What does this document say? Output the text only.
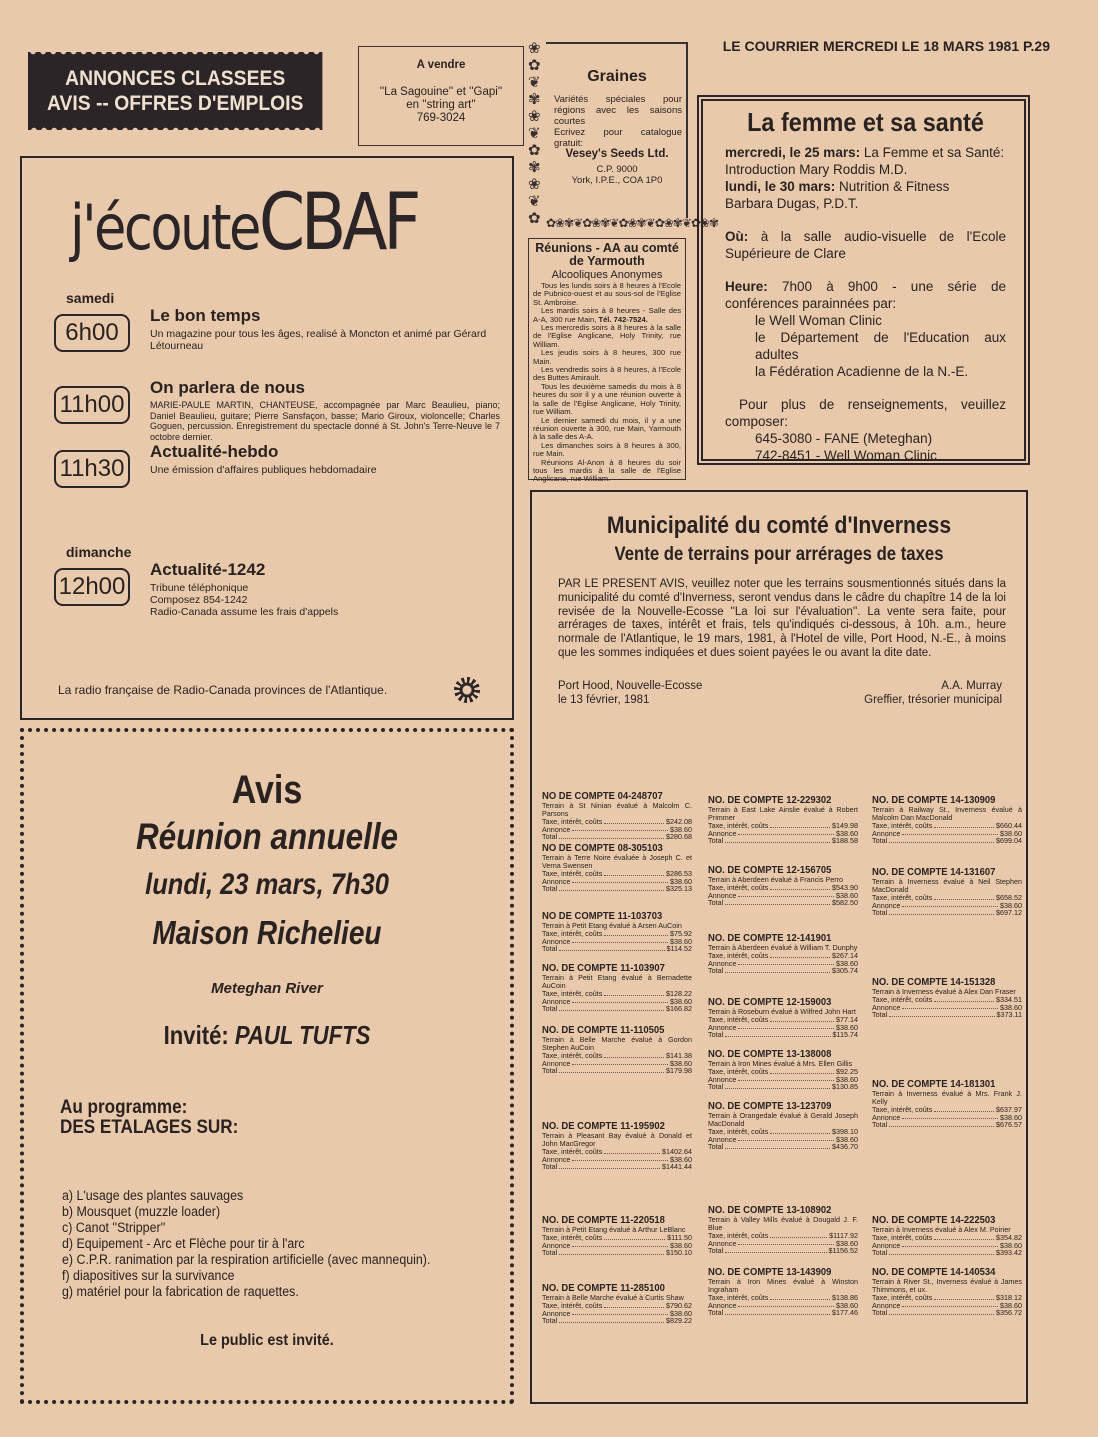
LE COURRIER MERCREDI LE 18 MARS 1981 P.29
ANNONCES CLASSEES
AVIS -- OFFRES D'EMPLOIS
A vendre
''La Sagouine'' et ''Gapi''
en ''string art''
769-3024
❀
✿
❦
✾
❀
❦
✿
✾
❀
❦
✿ ✿❀✾❦✿❀✾❦✿❀✾❦✿❀✾❦✿❀✾
Graines
Variétés spéciales pour régions avec les saisons courtes
Ecrivez pour catalogue gratuit:
Vesey's Seeds Ltd.
C.P. 9000
York, I.P.E., COA 1P0
Réunions - AA au comté de Yarmouth
Alcooliques Anonymes

Tous les lundis soirs à 8 heures à l'Ecole de Pubnico-ouest et au sous-sol de l'Eglise St. Ambroise.

Les mardis soirs à 8 heures - Salle des A-A, 300 rue Main, Tél. 742-7524.

Les mercredis soirs à 8 heures à la salle de l'Eglise Anglicane, Holy Trinity, rue William.

Les jeudis soirs à 8 heures, 300 rue Main.

Les vendredis soirs à 8 heures, à l'Ecole des Buttes Amirault.

Tous les deuxième samedis du mois à 8 heures du soir il y a une réunion ouverte à la salle de l'Eglise Anglicane, Holy Trinity, rue William.

Le dernier samedi du mois, il y a une réunion ouverte à 300, rue Main, Yarmouth à la salle des A-A.

Les dimanches soirs à 8 heures à 300, rue Main.

Réunions Al-Anon à 8 heures du soir tous les mardis à la salle de l'Eglise Anglicane, rue William.

La femme et sa santé
mercredi, le 25 mars: La Femme et sa Santé:
Introduction Mary Roddis M.D.
lundi, le 30 mars: Nutrition & Fitness
Barbara Dugas, P.D.T.
Où: à la salle audio-visuelle de l'Ecole Supérieure de Clare
Heure: 7h00 à 9h00 - une série de conférences parainnées par:
le Well Woman Clinic
le Département de l'Education aux adultes
la Fédération Acadienne de la N.-E.
Pour plus de renseignements, veuillez composer:
645-3080 - FANE (Meteghan)
742-8451 - Well Woman Clinic
j'écouteCBAF
samedi
6h00
Le bon temps
Un magazine pour tous les âges, realisé à Moncton et animé par Gérard Létourneau
11h00
On parlera de nous
MARIE-PAULE MARTIN, CHANTEUSE, accompagnée par Marc Beaulieu, piano; Daniel Beaulieu, guitare; Pierre Sansfaçon, basse; Mario Giroux, violoncelle; Charles Goguen, percussion. Enregistrement du spectacle donné à St. John's Terre-Neuve le 7 octobre dernier.
11h30
Actualité-hebdo
Une émission d'affaires publiques hebdomadaire
dimanche
12h00
Actualité-1242
Tribune téléphonique
Composez 854-1242
Radio-Canada assume les frais d'appels
La radio française de Radio-Canada provinces de l'Atlantique.
Avis
Réunion annuelle
lundi, 23 mars, 7h30
Maison Richelieu
Meteghan River
Invité: PAUL TUFTS
Au programme:
DES ETALAGES SUR:
a) L'usage des plantes sauvages
b) Mousquet (muzzle loader)
c) Canot ''Stripper''
d) Equipement - Arc et Flèche pour tir à l'arc
e) C.P.R. ranimation par la respiration artificielle (avec mannequin).
f) diapositives sur la survivance
g) matériel pour la fabrication de raquettes.
Le public est invité.
Municipalité du comté d'Inverness
Vente de terrains pour arrérages de taxes
PAR LE PRESENT AVIS, veuillez noter que les terrains sousmentionnés situés dans la municipalité du comté d'Inverness, seront vendus dans le câdre du chapître 14 de la loi revisée de la Nouvelle-Ecosse ''La loi sur l'évaluation''. La vente sera faite, pour arrérages de taxes, intérêt et frais, tels qu'indiqués ci-dessous, à 10h. a.m., heure normale de l'Atlantique, le 19 mars, 1981, à l'Hotel de ville, Port Hood, N.-E., à moins que les sommes indiquées et dues soient payées le ou avant la dite date.
Port Hood, Nouvelle-Ecosse
le 13 février, 1981
A.A. Murray
Greffier, trésorier municipal
NO DE COMPTE 04-248707
Terrain à St Ninian évalué à Malcolm C. Parsons
Taxe, intérêt, coûts	$242.08
Annonce	$38.60
Total	$280.68
NO DE COMPTE 08-305103
Terrain à Terre Noire évaluée à Joseph C. et Verna Swensen
Taxe, intérêt, coûts	$286.53
Annonce	$38.60
Total	$325.13
NO DE COMPTE 11-103703
Terrain à Petit Etang évalué à Arsen AuCoin
Taxe, intérêt, coûts	$75.92
Annonce	$38.60
Total	$114.52
NO. DE COMPTE 11-103907
Terrain à Petit Etang évalué à Bernadette AuCoin
Taxe, intérêt, coûts	$128.22
Annonce	$38.60
Total	$166.82
NO. DE COMPTE 11-110505
Terrain à Belle Marche évalué à Gordon Stephen AuCoin
Taxe, intérêt, coûts	$141.38
Annonce	$38.60
Total	$179.98
NO. DE COMPTE 11-195902
Terrain à Pleasant Bay évalué à Donald et John MacGregor
Taxe, intérêt, coûts	$1402.64
Annonce	$38.60
Total	$1441.44
NO. DE COMPTE 11-220518
Terrain à Petit Etang évalué à Arthur LeBlanc
Taxe, intérêt, coûts	$111.50
Annonce	$38.60
Total	$150.10
NO. DE COMPTE 11-285100
Terrain à Belle Marche évalué à Curtis Shaw
Taxe, intérêt, coûts	$790.62
Annonce	$38.60
Total	$829.22
NO. DE COMPTE 12-229302
Terrain à East Lake Ainslie évalué à Robert Primmer
Taxe, intérêt, coûts	$149.98
Annonce	$38.60
Total	$188.58
NO. DE COMPTE 12-156705
Terrain à Aberdeen évalué à Francis Perro
Taxe, intérêt, coûts	$543.90
Annonce	$38.60
Total	$582.50
NO. DE COMPTE 12-141901
Terrain à Aberdeen évalué à William T. Dunphy
Taxe, intérêt, coûts	$267.14
Annonce	$38.60
Total	$305.74
NO. DE COMPTE 12-159003
Terrain à Roseburn évalué à Wilfred John Hart
Taxe, intérêt, coûts	$77.14
Annonce	$38.60
Total	$115.74
NO. DE COMPTE 13-138008
Terrain à Iron Mines évalué à Mrs. Ellen Gillis
Taxe, intérêt, coûts	$92.25
Annonce	$38.60
Total	$130.85
NO. DE COMPTE 13-123709
Terrain à Orangedale évalué à Gerald Joseph MacDonald
Taxe, intérêt, coûts	$398.10
Annonce	$38.60
Total	$436.70
NO. DE COMPTE 13-108902
Terrain à Valley Mills évalué à Dougald J. F. Blue
Taxe, intérêt, coûts	$1117.92
Annonce	$38.60
Total	$1156.52
NO. DE COMPTE 13-143909
Terrain à Iron Mines évalué à Winston Ingraham
Taxe, intérêt, coûts	$138.86
Annonce	$38.60
Total	$177.46
NO. DE COMPTE 14-130909
Terrain à Railway St., Inverness évalué à Malcolm Dan MacDonald
Taxe, intérêt, coûts	$660.44
Annonce	$38.60
Total	$699.04
NO. DE COMPTE 14-131607
Terrain à Inverness évalué à Neil Stephen MacDonald
Taxe, intérêt, coûts	$658.52
Annonce	$38.60
Total	$697.12
NO. DE COMPTE 14-151328
Terrain à Inverness évalué à Alex Dan Fraser
Taxe, intérêt, coûts	$334.51
Annonce	$38.60
Total	$373.11
NO. DE COMPTE 14-181301
Terrain à Inverness évalué à Mrs. Frank J. Kelly
Taxe, intérêt, coûts	$637.97
Annonce	$38.60
Total	$676.57
NO. DE COMPTE 14-222503
Terrain à Inverness évalué à Alex M. Poirier
Taxe, intérêt, coûts	$354.82
Annonce	$38.60
Total	$393.42
NO. DE COMPTE 14-140534
Terrain à River St., Inverness évalué à James Thimmons, et ux.
Taxe, intérêt, coûts	$318.12
Annonce	$38.60
Total	$356.72
